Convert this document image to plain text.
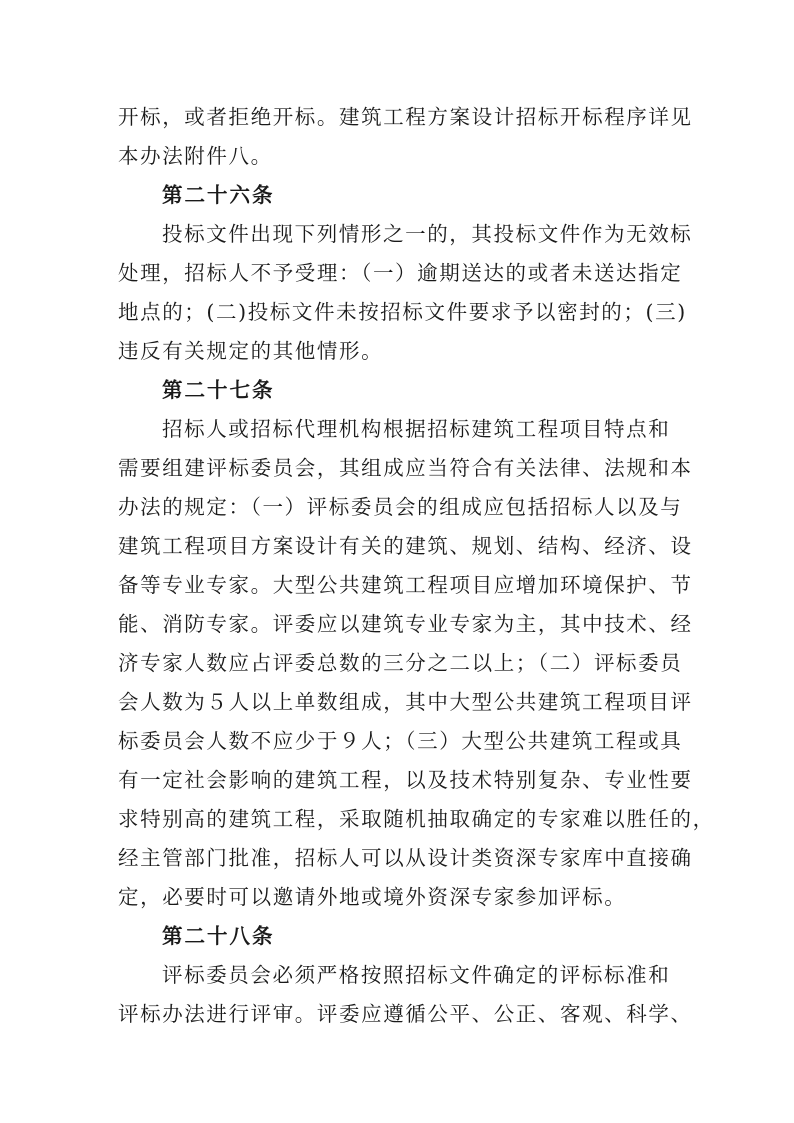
开标，或者拒绝开标。建筑工程方案设计招标开标程序详见
本办法附件八。
第二十六条
投标文件出现下列情形之一的，其投标文件作为无效标
处理，招标人不予受理：（一）逾期送达的或者未送达指定
地点的；(二)投标文件未按招标文件要求予以密封的；(三)
违反有关规定的其他情形。
第二十七条
招标人或招标代理机构根据招标建筑工程项目特点和
需要组建评标委员会，其组成应当符合有关法律、法规和本
办法的规定：（一）评标委员会的组成应包括招标人以及与
建筑工程项目方案设计有关的建筑、规划、结构、经济、设
备等专业专家。大型公共建筑工程项目应增加环境保护、节
能、消防专家。评委应以建筑专业专家为主，其中技术、经
济专家人数应占评委总数的三分之二以上；（二）评标委员
会人数为５人以上单数组成，其中大型公共建筑工程项目评
标委员会人数不应少于９人；（三）大型公共建筑工程或具
有一定社会影响的建筑工程，以及技术特别复杂、专业性要
求特别高的建筑工程，采取随机抽取确定的专家难以胜任的，
经主管部门批准，招标人可以从设计类资深专家库中直接确
定，必要时可以邀请外地或境外资深专家参加评标。
第二十八条
评标委员会必须严格按照招标文件确定的评标标准和
评标办法进行评审。评委应遵循公平、公正、客观、科学、
